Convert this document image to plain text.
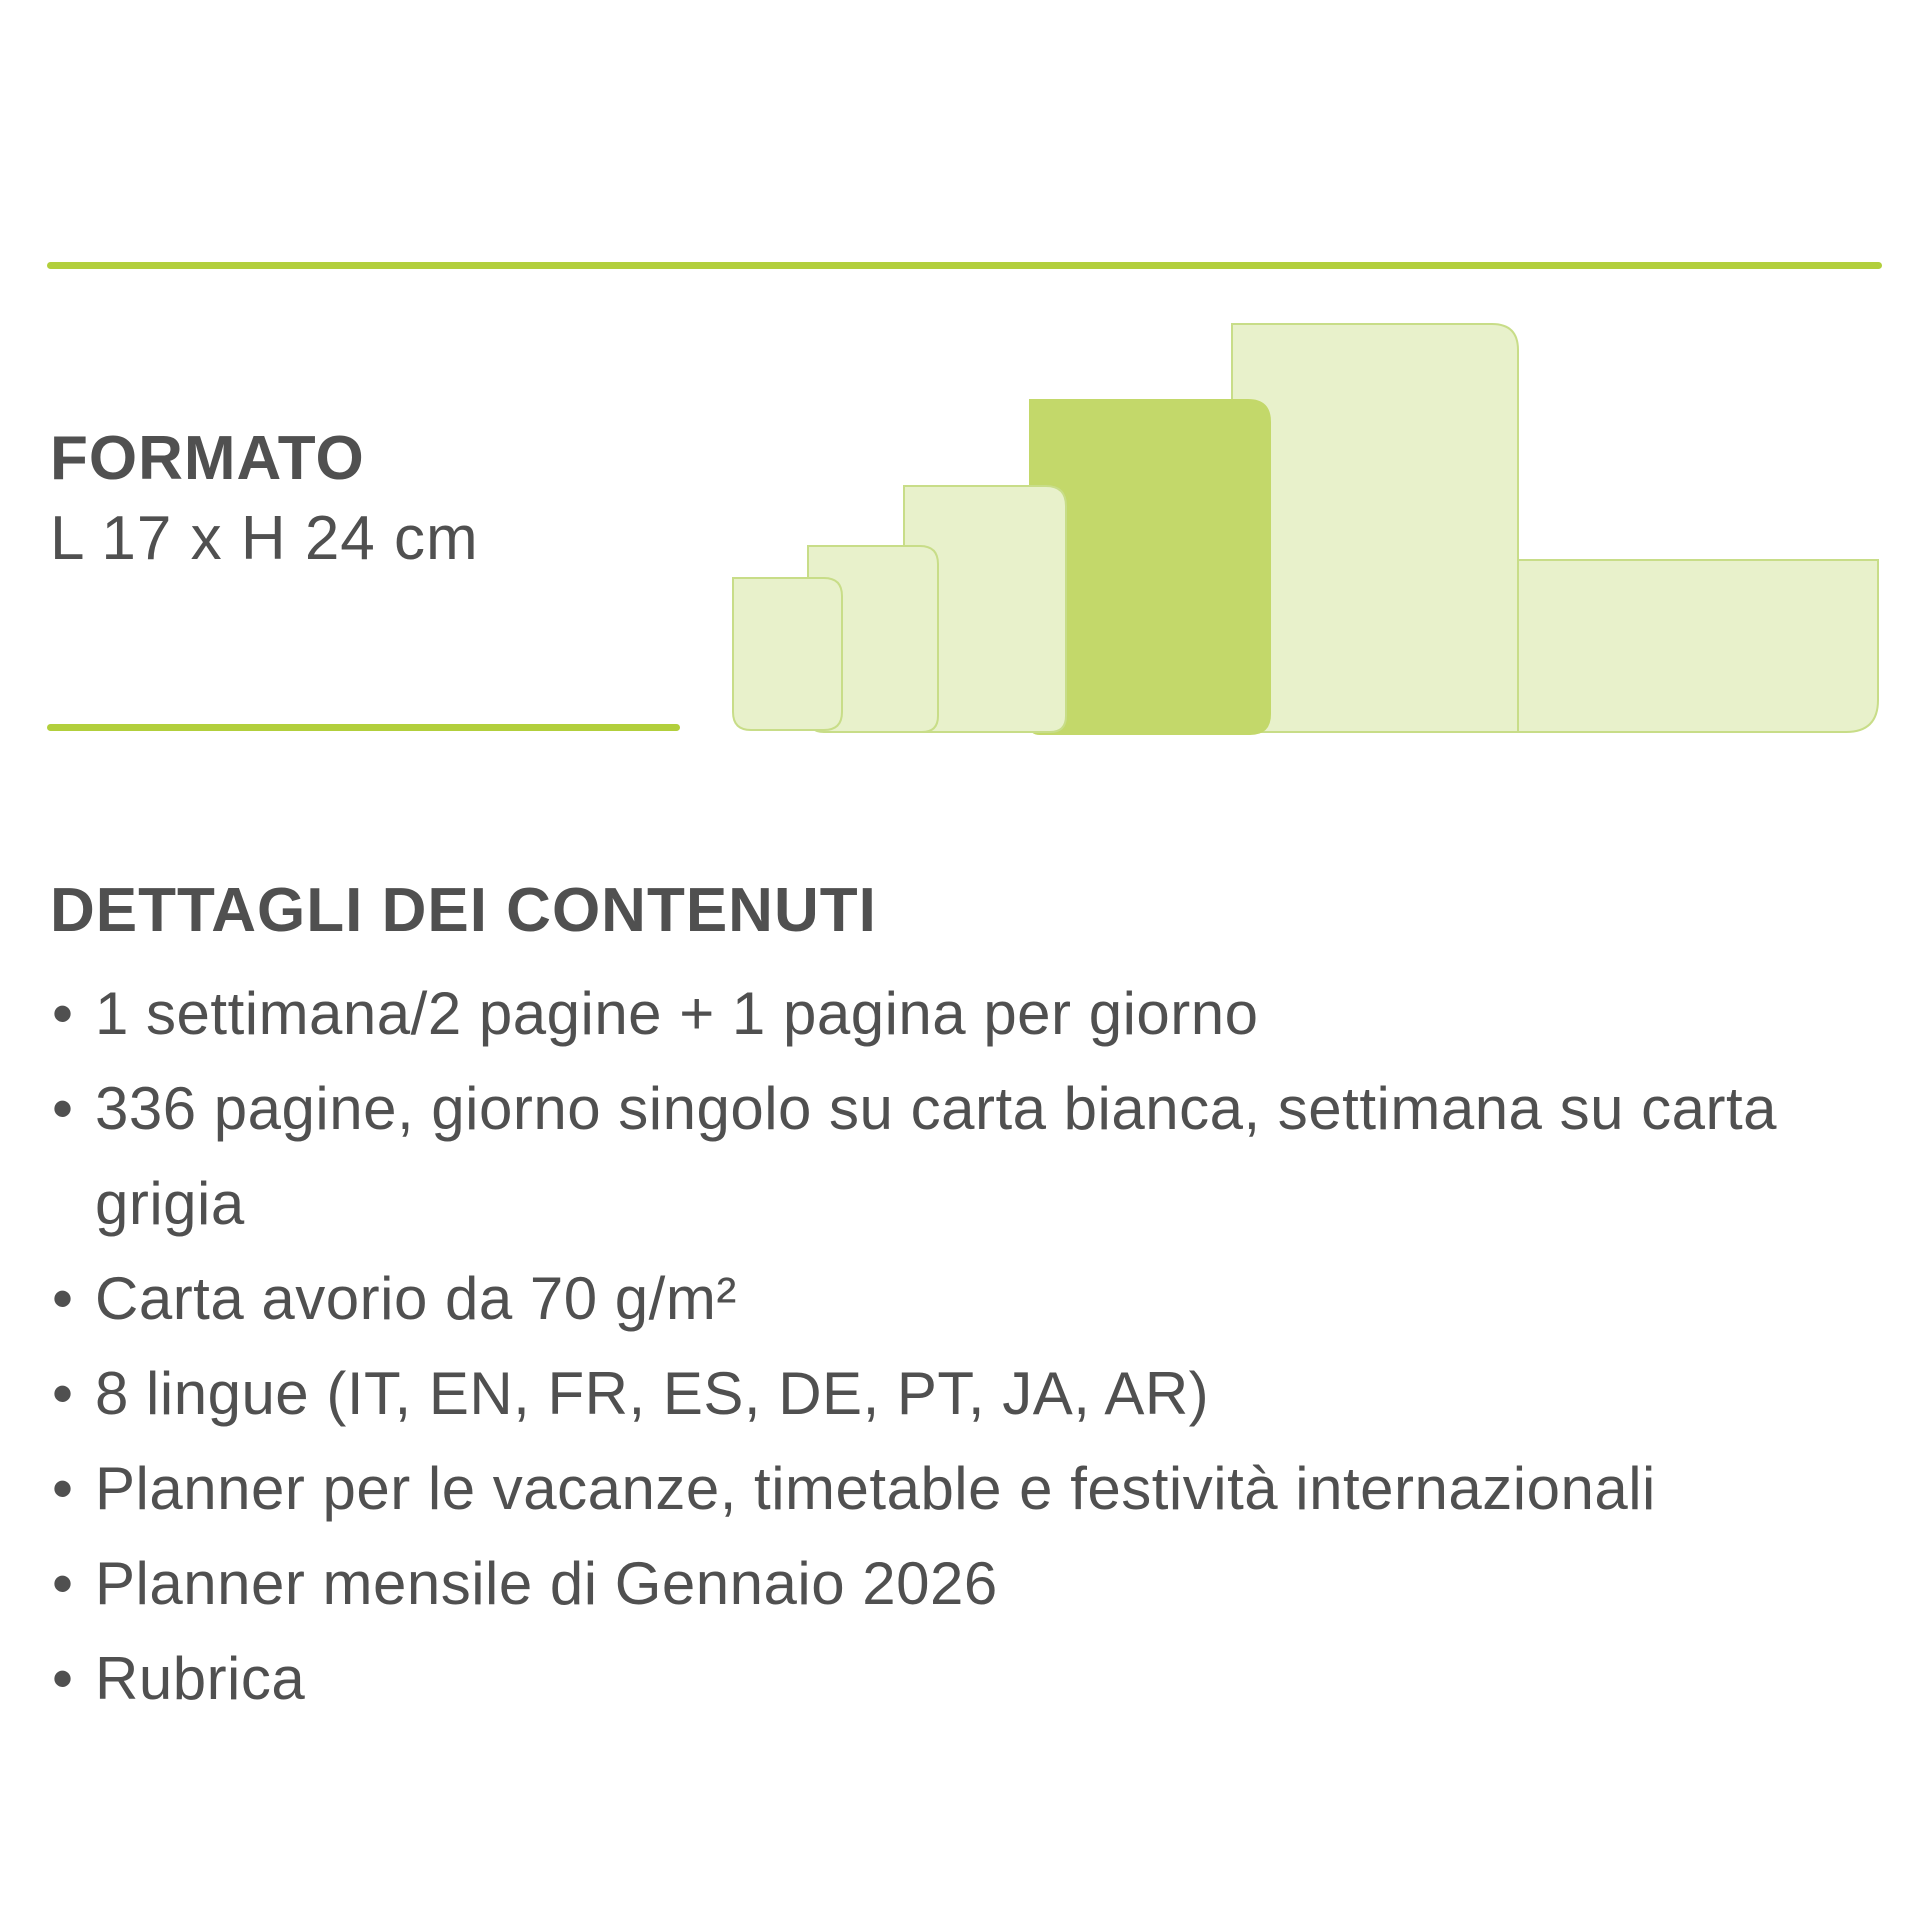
FORMATO
L 17 x H 24 cm
DETTAGLI DEI CONTENUTI
• 1 settimana/2 pagine + 1 pagina per giorno
• 336 pagine, giorno singolo su carta bianca, settimana su carta grigia
• Carta avorio da 70 g/m²
• 8 lingue (IT, EN, FR, ES, DE, PT, JA, AR)
• Planner per le vacanze, timetable e festività internazionali
• Planner mensile di Gennaio 2026
• Rubrica
